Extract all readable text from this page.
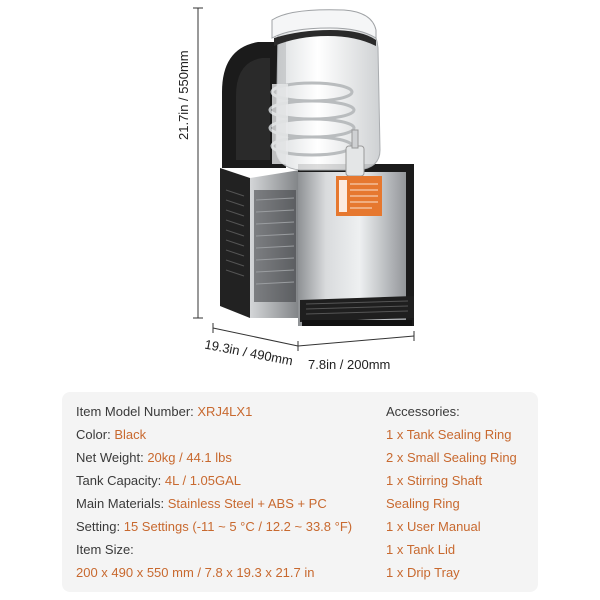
21.7in / 550mm
19.3in / 490mm 7.8in / 200mm
Item Model Number: XRJ4LX1
Color: Black
Net Weight: 20kg / 44.1 lbs
Tank Capacity: 4L / 1.05GAL
Main Materials: Stainless Steel + ABS + PC
Setting: 15 Settings (-11 ~ 5 °C / 12.2 ~ 33.8 °F)
Item Size:
200 x 490 x 550 mm / 7.8 x 19.3 x 21.7 in
Accessories:
1 x Tank Sealing Ring
2 x Small Sealing Ring
1 x Stirring Shaft
Sealing Ring
1 x User Manual
1 x Tank Lid
1 x Drip Tray
